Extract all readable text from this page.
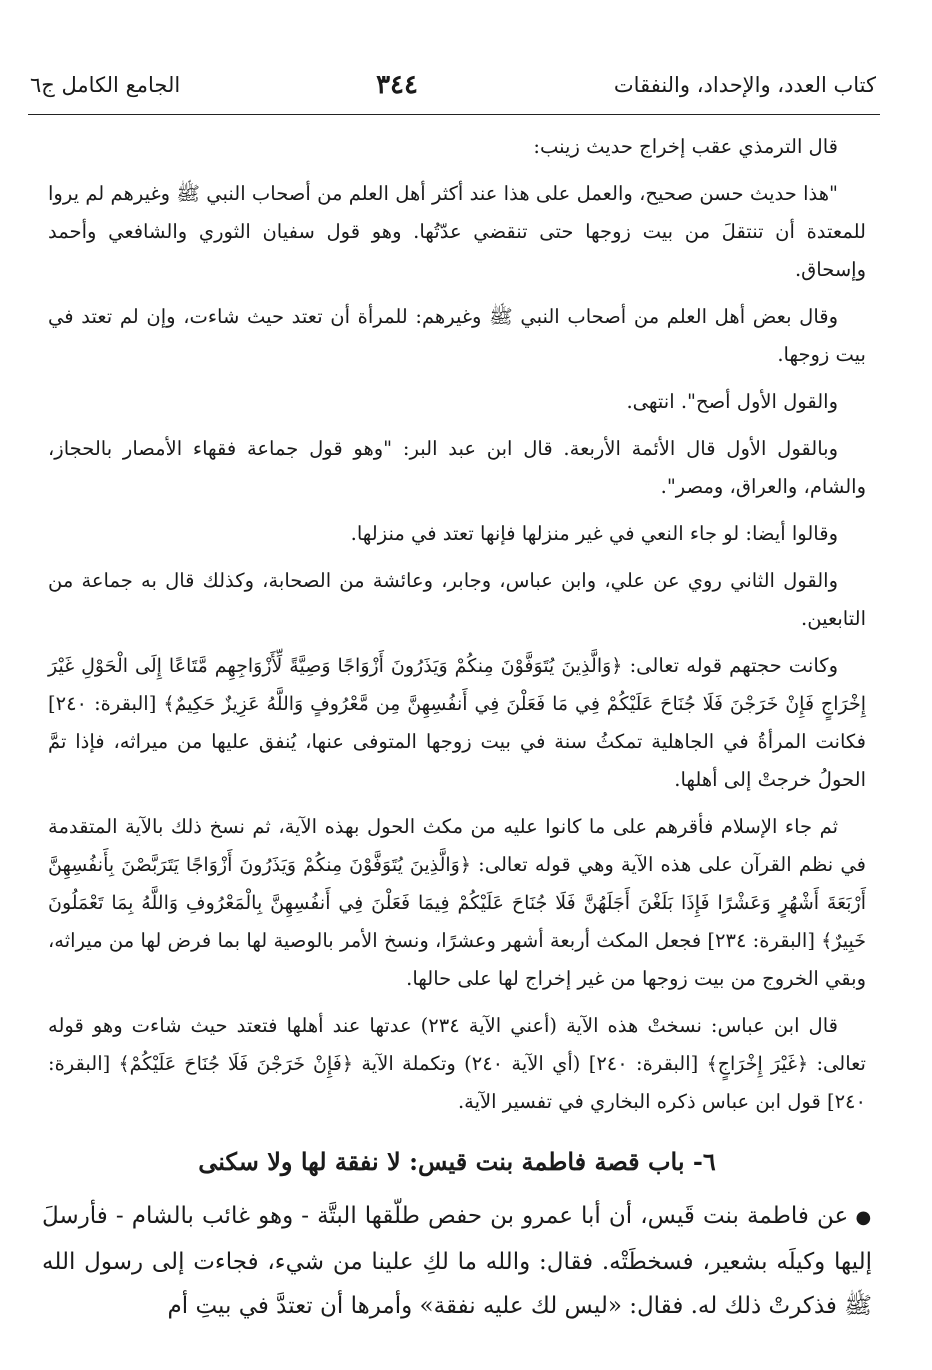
كتاب العدد، والإحداد، والنفقات
٣٤٤
الجامع الكامل ج٦

قال الترمذي عقب إخراج حديث زينب:

"هذا حديث حسن صحيح، والعمل على هذا عند أكثر أهل العلم من أصحاب النبي ﷺ وغيرهم لم يروا للمعتدة أن تنتقلَ من بيت زوجها حتى تنقضي عدّتُها. وهو قول سفيان الثوري والشافعي وأحمد وإسحاق.

وقال بعض أهل العلم من أصحاب النبي ﷺ وغيرهم: للمرأة أن تعتد حيث شاءت، وإن لم تعتد في بيت زوجها.

والقول الأول أصح". انتهى.

وبالقول الأول قال الأئمة الأربعة. قال ابن عبد البر: "وهو قول جماعة فقهاء الأمصار بالحجاز، والشام، والعراق، ومصر".

وقالوا أيضا: لو جاء النعي في غير منزلها فإنها تعتد في منزلها.

والقول الثاني روي عن علي، وابن عباس، وجابر، وعائشة من الصحابة، وكذلك قال به جماعة من التابعين.

وكانت حجتهم قوله تعالى: ﴿وَالَّذِينَ يُتَوَفَّوْنَ مِنكُمْ وَيَذَرُونَ أَزْوَاجًا وَصِيَّةً لِّأَزْوَاجِهِم مَّتَاعًا إِلَى الْحَوْلِ غَيْرَ إِخْرَاجٍ فَإِنْ خَرَجْنَ فَلَا جُنَاحَ عَلَيْكُمْ فِي مَا فَعَلْنَ فِي أَنفُسِهِنَّ مِن مَّعْرُوفٍ وَاللَّهُ عَزِيزٌ حَكِيمٌ﴾ [البقرة: ٢٤٠] فكانت المرأةُ في الجاهلية تمكثُ سنة في بيت زوجها المتوفى عنها، يُنفق عليها من ميراثه، فإذا تمَّ الحولُ خرجتْ إلى أهلها.

ثم جاء الإسلام فأقرهم على ما كانوا عليه من مكث الحول بهذه الآية، ثم نسخ ذلك بالآية المتقدمة في نظم القرآن على هذه الآية وهي قوله تعالى: ﴿وَالَّذِينَ يُتَوَفَّوْنَ مِنكُمْ وَيَذَرُونَ أَزْوَاجًا يَتَرَبَّصْنَ بِأَنفُسِهِنَّ أَرْبَعَةَ أَشْهُرٍ وَعَشْرًا فَإِذَا بَلَغْنَ أَجَلَهُنَّ فَلَا جُنَاحَ عَلَيْكُمْ فِيمَا فَعَلْنَ فِي أَنفُسِهِنَّ بِالْمَعْرُوفِ وَاللَّهُ بِمَا تَعْمَلُونَ خَبِيرٌ﴾ [البقرة: ٢٣٤] فجعل المكث أربعة أشهر وعشرًا، ونسخ الأمر بالوصية لها بما فرض لها من ميراثه، وبقي الخروج من بيت زوجها من غير إخراج لها على حالها.

قال ابن عباس: نسختْ هذه الآية (أعني الآية ٢٣٤) عدتها عند أهلها فتعتد حيث شاءت وهو قوله تعالى: ﴿غَيْرَ إِخْرَاجٍ﴾ [البقرة: ٢٤٠] (أي الآية ٢٤٠) وتكملة الآية ﴿فَإِنْ خَرَجْنَ فَلَا جُنَاحَ عَلَيْكُمْ﴾ [البقرة: ٢٤٠] قول ابن عباس ذكره البخاري في تفسير الآية.

٦- باب قصة فاطمة بنت قيس: لا نفقة لها ولا سكنى

● عن فاطمة بنت قَيس، أن أبا عمرو بن حفص طلّقها البتَّة - وهو غائب بالشام - فأرسلَ إليها وكيلَه بشعير، فسخطَتْه. فقال: والله ما لكِ علينا من شيء، فجاءت إلى رسول الله ﷺ فذكرتْ ذلك له. فقال: «ليس لك عليه نفقة» وأمرها أن تعتدَّ في بيتِ أم
